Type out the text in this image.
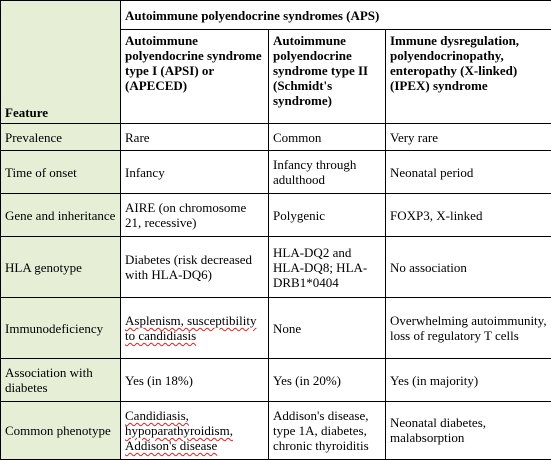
Feature	Autoimmune polyendocrine syndromes (APS)		
	Autoimmune polyendocrine syndrome type I (APSI) or (APECED)	Autoimmune polyendocrine syndrome type II (Schmidt's syndrome)	Immune dysregulation, polyendocrinopathy, enteropathy (X-linked) (IPEX) syndrome
Prevalence	Rare	Common	Very rare
Time of onset	Infancy	Infancy through adulthood	Neonatal period
Gene and inheritance	AIRE (on chromosome 21, recessive)	Polygenic	FOXP3, X-linked
HLA genotype	Diabetes (risk decreased with HLA-DQ6)	HLA-DQ2 and HLA-DQ8; HLA-DRB1*0404	No association
Immunodeficiency	Asplenism, susceptibility to candidiasis	None	Overwhelming autoimmunity, loss of regulatory T cells
Association with diabetes	Yes (in 18%)	Yes (in 20%)	Yes (in majority)
Common phenotype	Candidiasis, hypoparathyroidism, Addison's disease	Addison's disease, type 1A, diabetes, chronic thyroiditis	Neonatal diabetes, malabsorption
